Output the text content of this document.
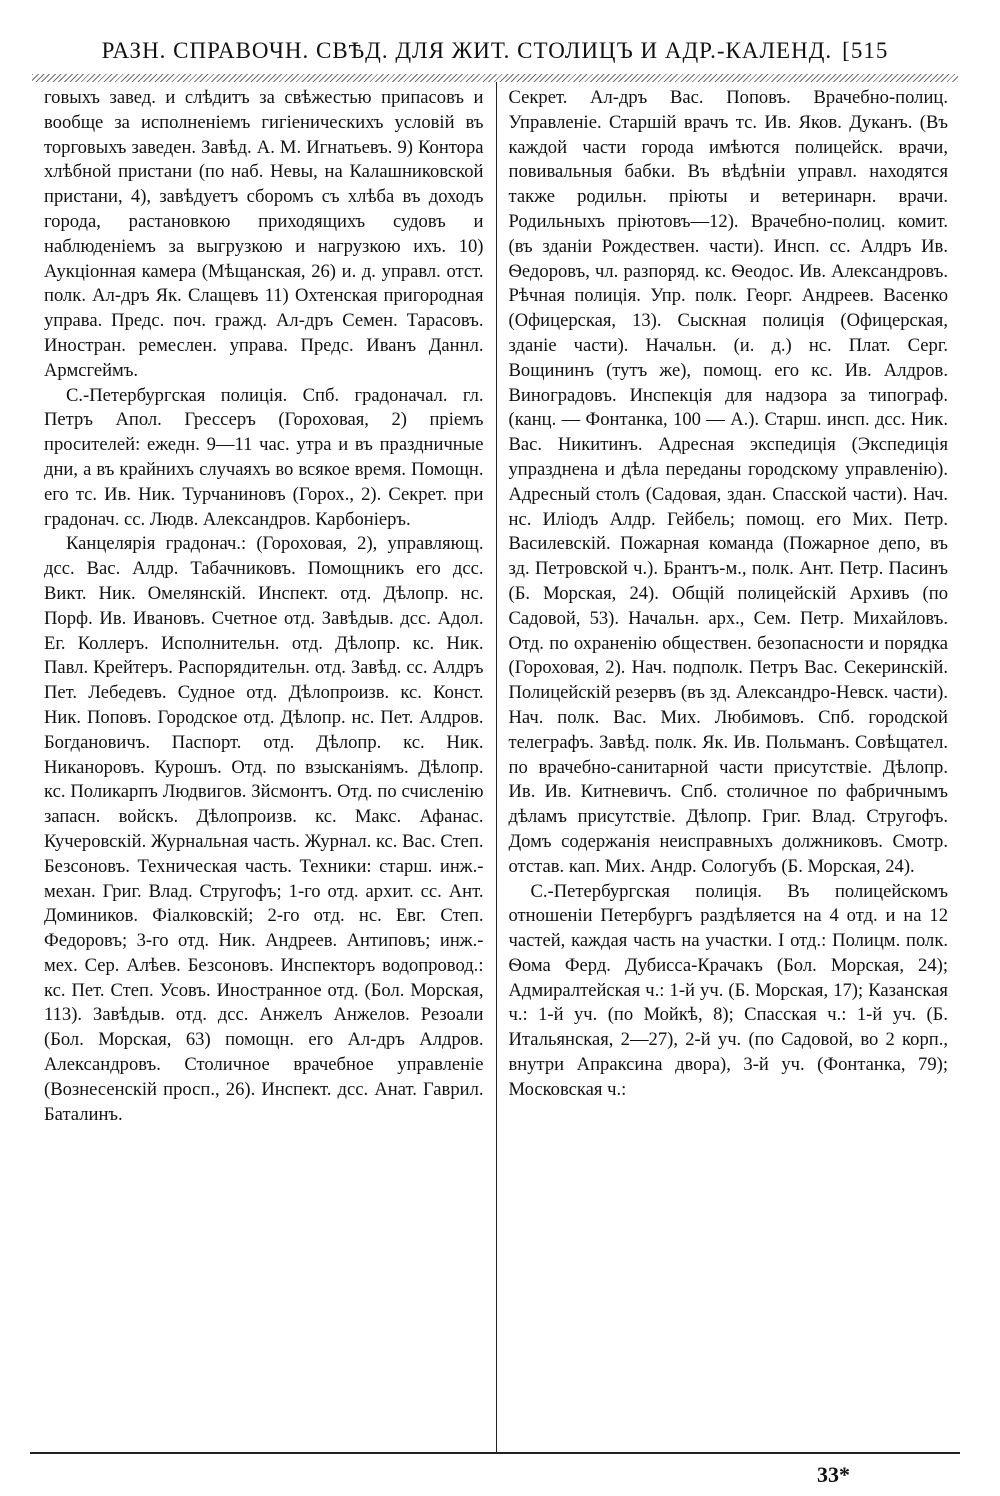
РАЗН. СПРАВОЧН. СВѢД. ДЛЯ ЖИТ. СТОЛИЦЪ И АДР.-КАЛЕНД. [515

говыхъ завед. и слѣдитъ за свѣжестью припасовъ и вообще за исполненіемъ гигіеническихъ условій въ торговыхъ заведен. Завѣд. А. М. Игнатьевъ. 9) Контора хлѣбной пристани (по наб. Невы, на Калашниковской пристани, 4), завѣдуетъ сборомъ съ хлѣба въ доходъ города, растановкою приходящихъ судовъ и наблюденіемъ за выгрузкою и нагрузкою ихъ. 10) Аукціонная камера (Мѣщанская, 26) и. д. управл. отст. полк. Ал-дръ Як. Слащевъ 11) Охтенская пригородная управа. Предс. поч. гражд. Ал-дръ Семен. Тарасовъ. Иностран. ремеслен. управа. Предс. Иванъ Даннл. Армсгеймъ.

С.-Петербургская полиція. Спб. градоначал. гл. Петръ Апол. Грессеръ (Гороховая, 2) пріемъ просителей: ежедн. 9—11 час. утра и въ праздничные дни, а въ крайнихъ случаяхъ во всякое время. Помощн. его тс. Ив. Ник. Турчаниновъ (Горох., 2). Секрет. при градонач. сс. Людв. Александров. Карбоніеръ.

Канцелярія градонач.: (Гороховая, 2), управляющ. дсс. Вас. Алдр. Табачниковъ. Помощникъ его дсс. Викт. Ник. Омелянскій. Инспект. отд. Дѣлопр. нс. Порф. Ив. Ивановъ. Счетное отд. Завѣдыв. дсс. Адол. Ег. Коллеръ. Исполнительн. отд. Дѣлопр. кс. Ник. Павл. Крейтеръ. Распорядительн. отд. Завѣд. сс. Алдръ Пет. Лебедевъ. Судное отд. Дѣлопроизв. кс. Конст. Ник. Поповъ. Городское отд. Дѣлопр. нс. Пет. Алдров. Богдановичъ. Паспорт. отд. Дѣлопр. кс. Ник. Никаноровъ. Курошъ. Отд. по взысканіямъ. Дѣлопр. кс. Поликарпъ Людвигов. Зйсмонтъ. Отд. по счисленію запасн. войскъ. Дѣлопроизв. кс. Макс. Афанас. Кучеровскій. Журнальная часть. Журнал. кс. Вас. Степ. Безсоновъ. Техническая часть. Техники: старш. инж.-механ. Григ. Влад. Стругофъ; 1-го отд. архит. сс. Ант. Домиников. Фіалковскій; 2-го отд. нс. Евг. Степ. Федоровъ; 3-го отд. Ник. Андреев. Антиповъ; инж.-мех. Сер. Алѣев. Безсоновъ. Инспекторъ водопровод.: кс. Пет. Степ. Усовъ. Иностранное отд. (Бол. Морская, 113). Завѣдыв. отд. дсс. Анжелъ Анжелов. Резоали (Бол. Морская, 63) помощн. его Ал-дръ Алдров. Александровъ. Столичное врачебное управленіе (Вознесенскій просп., 26). Инспект. дсс. Анат. Гаврил. Баталинъ.

Секрет. Ал-дръ Вас. Поповъ. Врачебно-полиц. Управленіе. Старшій врачъ тс. Ив. Яков. Дуканъ. (Въ каждой части города имѣются полицейск. врачи, повивальныя бабки. Въ вѣдѣніи управл. находятся также родильн. пріюты и ветеринарн. врачи. Родильныхъ пріютовъ—12). Врачебно-полиц. комит. (въ зданіи Рождествен. части). Инсп. сс. Алдръ Ив. Ѳедоровъ, чл. разпоряд. кс. Ѳеодос. Ив. Александровъ. Рѣчная полиція. Упр. полк. Георг. Андреев. Васенко (Офицерская, 13). Сыскная полиція (Офицерская, зданіе части). Начальн. (и. д.) нс. Плат. Серг. Вощининъ (тутъ же), помощ. его кс. Ив. Алдров. Виноградовъ. Инспекція для надзора за типограф. (канц. — Фонтанка, 100 — А.). Старш. инсп. дсс. Ник. Вас. Никитинъ. Адресная экспедиція (Экспедиція упразднена и дѣла переданы городскому управленію). Адресный столъ (Садовая, здан. Спасской части). Нач. нс. Иліодъ Алдр. Гейбель; помощ. его Мих. Петр. Василевскій. Пожарная команда (Пожарное депо, въ зд. Петровской ч.). Брантъ-м., полк. Ант. Петр. Пасинъ (Б. Морская, 24). Общій полицейскій Архивъ (по Садовой, 53). Начальн. арх., Сем. Петр. Михайловъ. Отд. по охраненію обществен. безопасности и порядка (Гороховая, 2). Нач. подполк. Петръ Вас. Секеринскій. Полицейскій резервъ (въ зд. Александро-Невск. части). Нач. полк. Вас. Мих. Любимовъ. Спб. городской телеграфъ. Завѣд. полк. Як. Ив. Польманъ. Совѣщател. по врачебно-санитарной части присутствіе. Дѣлопр. Ив. Ив. Китневичъ. Спб. столичное по фабричнымъ дѣламъ присутствіе. Дѣлопр. Григ. Влад. Стругофъ. Домъ содержанія неисправныхъ должниковъ. Смотр. отстав. кап. Мих. Андр. Сологубъ (Б. Морская, 24).

С.-Петербургская полиція. Въ полицейскомъ отношеніи Петербургъ раздѣляется на 4 отд. и на 12 частей, каждая часть на участки. I отд.: Полицм. полк. Ѳома Ферд. Дубисса-Крачакъ (Бол. Морская, 24); Адмиралтейская ч.: 1-й уч. (Б. Морская, 17); Казанская ч.: 1-й уч. (по Мойкѣ, 8); Спасская ч.: 1-й уч. (Б. Итальянская, 2—27), 2-й уч. (по Садовой, во 2 корп., внутри Апраксина двора), 3-й уч. (Фонтанка, 79); Московская ч.:

33*
